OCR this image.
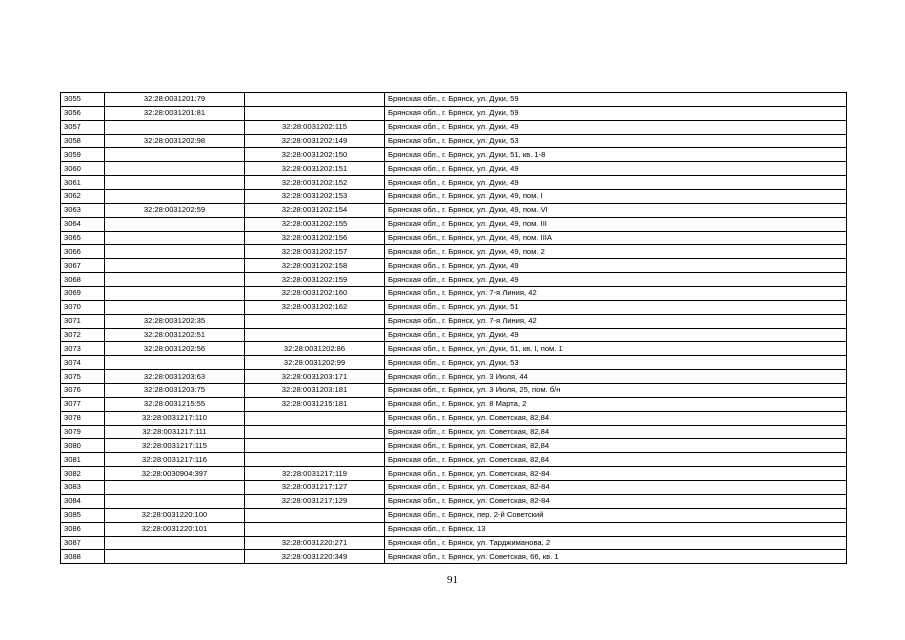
3055	32:28:0031201:79		Брянская обл., г. Брянск, ул. Дуки, 59
3056	32:28:0031201:81		Брянская обл., г. Брянск, ул. Дуки, 59
3057		32:28:0031202:115	Брянская обл., г. Брянск, ул. Дуки, 49
3058	32:28:0031202:98	32:28:0031202:149	Брянская обл., г. Брянск, ул. Дуки, 53
3059		32:28:0031202:150	Брянская обл., г. Брянск, ул. Дуки, 51, кв. 1-8
3060		32:28:0031202:151	Брянская обл., г. Брянск, ул. Дуки, 49
3061		32:28:0031202:152	Брянская обл., г. Брянск, ул. Дуки, 49
3062		32:28:0031202:153	Брянская обл., г. Брянск, ул. Дуки, 49, пом. I
3063	32:28:0031202:59	32:28:0031202:154	Брянская обл., г. Брянск, ул. Дуки, 49, пом. VI
3064		32:28:0031202:155	Брянская обл., г. Брянск, ул. Дуки, 49, пом. III
3065		32:28:0031202:156	Брянская обл., г. Брянск, ул. Дуки, 49, пом. IIIА
3066		32:28:0031202:157	Брянская обл., г. Брянск, ул. Дуки, 49, пом. 2
3067		32:28:0031202:158	Брянская обл., г. Брянск, ул. Дуки, 49
3068		32:28:0031202:159	Брянская обл., г. Брянск, ул. Дуки, 49
3069		32:28:0031202:160	Брянская обл., г. Брянск, ул. 7-я Линия, 42
3070		32:28:0031202:162	Брянская обл., г. Брянск, ул. Дуки, 51
3071	32:28:0031202:35		Брянская обл., г. Брянск, ул. 7-я Линия, 42
3072	32:28:0031202:51		Брянская обл., г. Брянск, ул. Дуки, 49
3073	32:28:0031202:56	32:28:0031202:86	Брянская обл., г. Брянск, ул. Дуки, 51, кв. I, пом. 1
3074		32:28:0031202:99	Брянская обл., г. Брянск, ул. Дуки, 53
3075	32:28:0031203:63	32:28:0031203:171	Брянская обл., г. Брянск, ул. 3 Июля, 44
3076	32:28:0031203:75	32:28:0031203:181	Брянская обл., г. Брянск, ул. 3 Июля, 25, пом. б/н
3077	32:28:0031215:55	32:28:0031215:181	Брянская обл., г. Брянск, ул. 8 Марта, 2
3078	32:28:0031217:110		Брянская обл., г. Брянск, ул. Советская, 82,84
3079	32:28:0031217:111		Брянская обл., г. Брянск, ул. Советская, 82,84
3080	32:28:0031217:115		Брянская обл., г. Брянск, ул. Советская, 82,84
3081	32:28:0031217:116		Брянская обл., г. Брянск, ул. Советская, 82,84
3082	32:28:0030904:397	32:28:0031217:119	Брянская обл., г. Брянск, ул. Советская, 82-84
3083		32:28:0031217:127	Брянская обл., г. Брянск, ул. Советская, 82-84
3084		32:28:0031217:129	Брянская обл., г. Брянск, ул. Советская, 82-84
3085	32:28:0031220:100		Брянская обл., г. Брянск, пер. 2-й Советский
3086	32:28:0031220:101		Брянская обл., г. Брянск, 13
3087		32:28:0031220:271	Брянская обл., г. Брянск, ул. Тарджиманова, 2
3088		32:28:0031220:349	Брянская обл., г. Брянск, ул. Советская, 66, кв. 1
91
